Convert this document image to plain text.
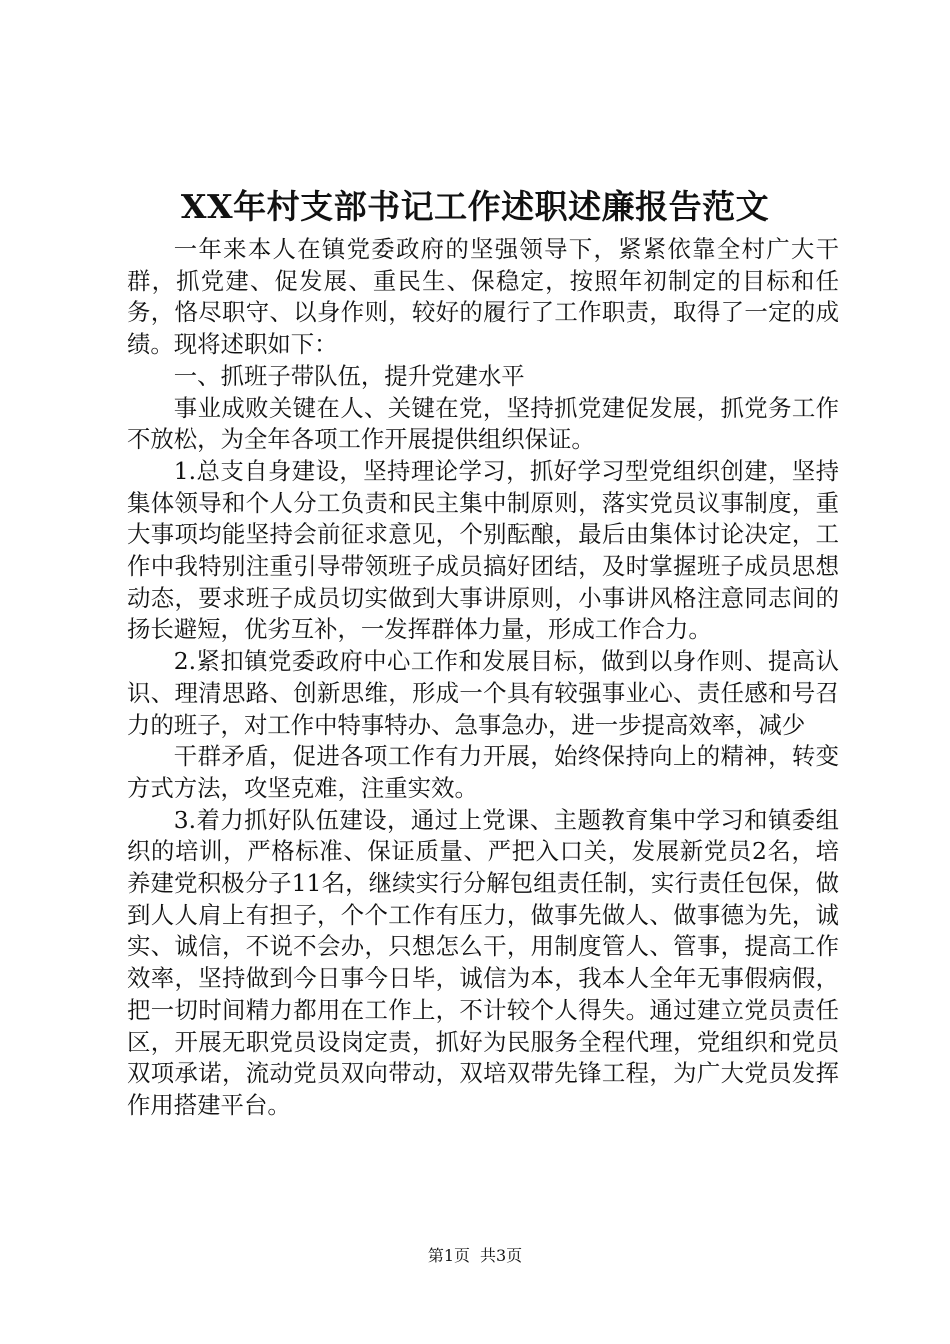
XX年村支部书记工作述职述廉报告范文

一年来本人在镇党委政府的坚强领导下，紧紧依靠全村广大干群，抓党建、促发展、重民生、保稳定，按照年初制定的目标和任务，恪尽职守、以身作则，较好的履行了工作职责，取得了一定的成绩。现将述职如下：

一、抓班子带队伍，提升党建水平

事业成败关键在人、关键在党，坚持抓党建促发展，抓党务工作不放松，为全年各项工作开展提供组织保证。

1.总支自身建设，坚持理论学习，抓好学习型党组织创建，坚持集体领导和个人分工负责和民主集中制原则，落实党员议事制度，重大事项均能坚持会前征求意见，个别酝酿，最后由集体讨论决定，工作中我特别注重引导带领班子成员搞好团结，及时掌握班子成员思想动态，要求班子成员切实做到大事讲原则，小事讲风格注意同志间的扬长避短，优劣互补，一发挥群体力量，形成工作合力。

2.紧扣镇党委政府中心工作和发展目标，做到以身作则、提高认识、理清思路、创新思维，形成一个具有较强事业心、责任感和号召力的班子，对工作中特事特办、急事急办，进一步提高效率，减少

干群矛盾，促进各项工作有力开展，始终保持向上的精神，转变方式方法，攻坚克难，注重实效。

3.着力抓好队伍建设，通过上党课、主题教育集中学习和镇委组织的培训，严格标准、保证质量、严把入口关，发展新党员2名，培养建党积极分子11名，继续实行分解包组责任制，实行责任包保，做到人人肩上有担子，个个工作有压力，做事先做人、做事德为先，诚实、诚信，不说不会办，只想怎么干，用制度管人、管事，提高工作效率，坚持做到今日事今日毕，诚信为本，我本人全年无事假病假，把一切时间精力都用在工作上，不计较个人得失。通过建立党员责任区，开展无职党员设岗定责，抓好为民服务全程代理，党组织和党员双项承诺，流动党员双向带动，双培双带先锋工程，为广大党员发挥作用搭建平台。

第1页 共3页
